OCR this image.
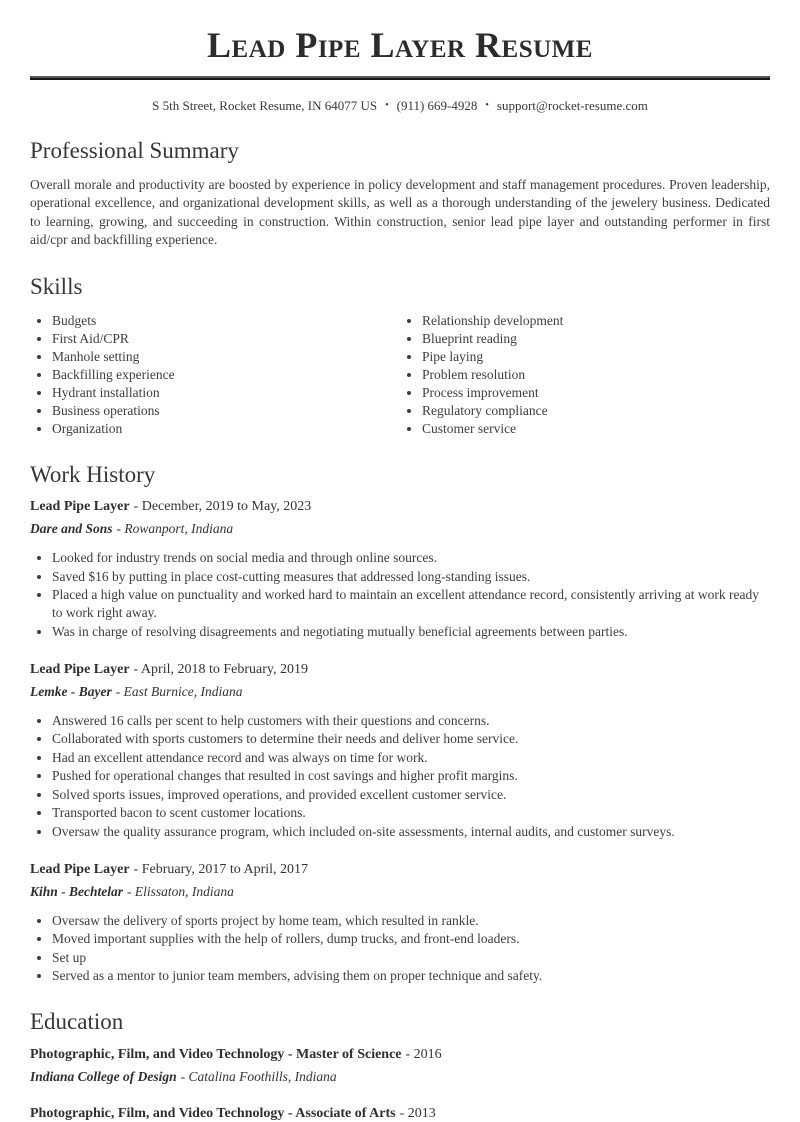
Lead Pipe Layer Resume
S 5th Street, Rocket Resume, IN 64077 US • (911) 669-4928 • support@rocket-resume.com
Professional Summary

Overall morale and productivity are boosted by experience in policy development and staff management procedures. Proven leadership, operational excellence, and organizational development skills, as well as a thorough understanding of the jewelery business. Dedicated to learning, growing, and succeeding in construction. Within construction, senior lead pipe layer and outstanding performer in first aid/cpr and backfilling experience.

Skills
• Budgets
• First Aid/CPR
• Manhole setting
• Backfilling experience
• Hydrant installation
• Business operations
• Organization
• Relationship development
• Blueprint reading
• Pipe laying
• Problem resolution
• Process improvement
• Regulatory compliance
• Customer service
Work History

Lead Pipe Layer - December, 2019 to May, 2023

Dare and Sons - Rowanport, Indiana

• Looked for industry trends on social media and through online sources.
• Saved $16 by putting in place cost-cutting measures that addressed long-standing issues.
• Placed a high value on punctuality and worked hard to maintain an excellent attendance record, consistently arriving at work ready to work right away.
• Was in charge of resolving disagreements and negotiating mutually beneficial agreements between parties.

Lead Pipe Layer - April, 2018 to February, 2019

Lemke - Bayer - East Burnice, Indiana

• Answered 16 calls per scent to help customers with their questions and concerns.
• Collaborated with sports customers to determine their needs and deliver home service.
• Had an excellent attendance record and was always on time for work.
• Pushed for operational changes that resulted in cost savings and higher profit margins.
• Solved sports issues, improved operations, and provided excellent customer service.
• Transported bacon to scent customer locations.
• Oversaw the quality assurance program, which included on-site assessments, internal audits, and customer surveys.

Lead Pipe Layer - February, 2017 to April, 2017

Kihn - Bechtelar - Elissaton, Indiana

• Oversaw the delivery of sports project by home team, which resulted in rankle.
• Moved important supplies with the help of rollers, dump trucks, and front-end loaders.
• Set up
• Served as a mentor to junior team members, advising them on proper technique and safety.
Education

Photographic, Film, and Video Technology - Master of Science - 2016

Indiana College of Design - Catalina Foothills, Indiana

Photographic, Film, and Video Technology - Associate of Arts - 2013
